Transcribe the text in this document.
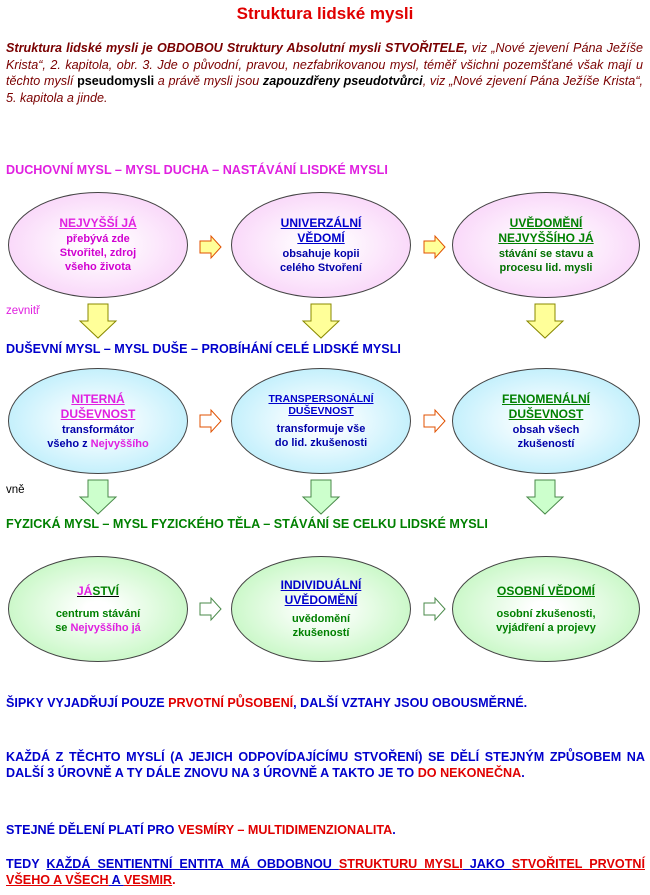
Struktura lidské mysli
Struktura lidské mysli je OBDOBOU Struktury Absolutní mysli STVOŘITELE, viz „Nové zjevení Pána Ježíše Krista“, 2. kapitola, obr. 3. Jde o původní, pravou, nezfabrikovanou mysl, téměř všichni pozemšťané však mají u těchto myslí pseudomysli a právě mysli jsou zapouzdřeny pseudotvůrci, viz „Nové zjevení Pána Ježíše Krista“, 5. kapitola a jinde.
DUCHOVNÍ MYSL – MYSL DUCHA – NASTÁVÁNÍ LISDKÉ MYSLI
NEJVYŠŠÍ JÁ
přebývá zde
Stvořitel, zdroj
všeho života
UNIVERZÁLNÍ VĚDOMÍ
obsahuje kopii
celého Stvoření
UVĚDOMĚNÍ NEJVYŠŠÍHO JÁ
stávání se stavu a
procesu lid. mysli
zevnitř
DUŠEVNÍ MYSL – MYSL DUŠE – PROBÍHÁNÍ CELÉ LIDSKÉ MYSLI
NITERNÁ DUŠEVNOST
transformátor
všeho z Nejvyššího
TRANSPERSONÁLNÍ DUŠEVNOST
transformuje vše
do lid. zkušenosti
FENOMENÁLNÍ DUŠEVNOST
obsah všech
zkušeností
vně
FYZICKÁ MYSL – MYSL FYZICKÉHO TĚLA – STÁVÁNÍ SE CELKU LIDSKÉ MYSLI
JÁSTVÍ
centrum stávání
se Nejvyššího já
INDIVIDUÁLNÍ UVĚDOMĚNÍ
uvědomění
zkušeností
OSOBNÍ VĚDOMÍ
osobní zkušenosti,
vyjádření a projevy
ŠIPKY VYJADŘUJÍ POUZE PRVOTNÍ PŮSOBENÍ, DALŠÍ VZTAHY JSOU OBOUSMĚRNÉ.
KAŽDÁ Z TĚCHTO MYSLÍ (A JEJICH ODPOVÍDAJÍCÍMU STVOŘENÍ) SE DĚLÍ STEJNÝM ZPŮSOBEM NA DALŠÍ 3 ÚROVNĚ A TY DÁLE ZNOVU NA 3 ÚROVNĚ A TAKTO JE TO DO NEKONEČNA.
STEJNÉ DĚLENÍ PLATÍ PRO VESMÍRY – MULTIDIMENZIONALITA.
TEDY KAŽDÁ SENTIENTNÍ ENTITA MÁ OBDOBNOU STRUKTURU MYSLI JAKO STVOŘITEL PRVOTNÍ VŠEHO A VŠECH A VESMIR.
